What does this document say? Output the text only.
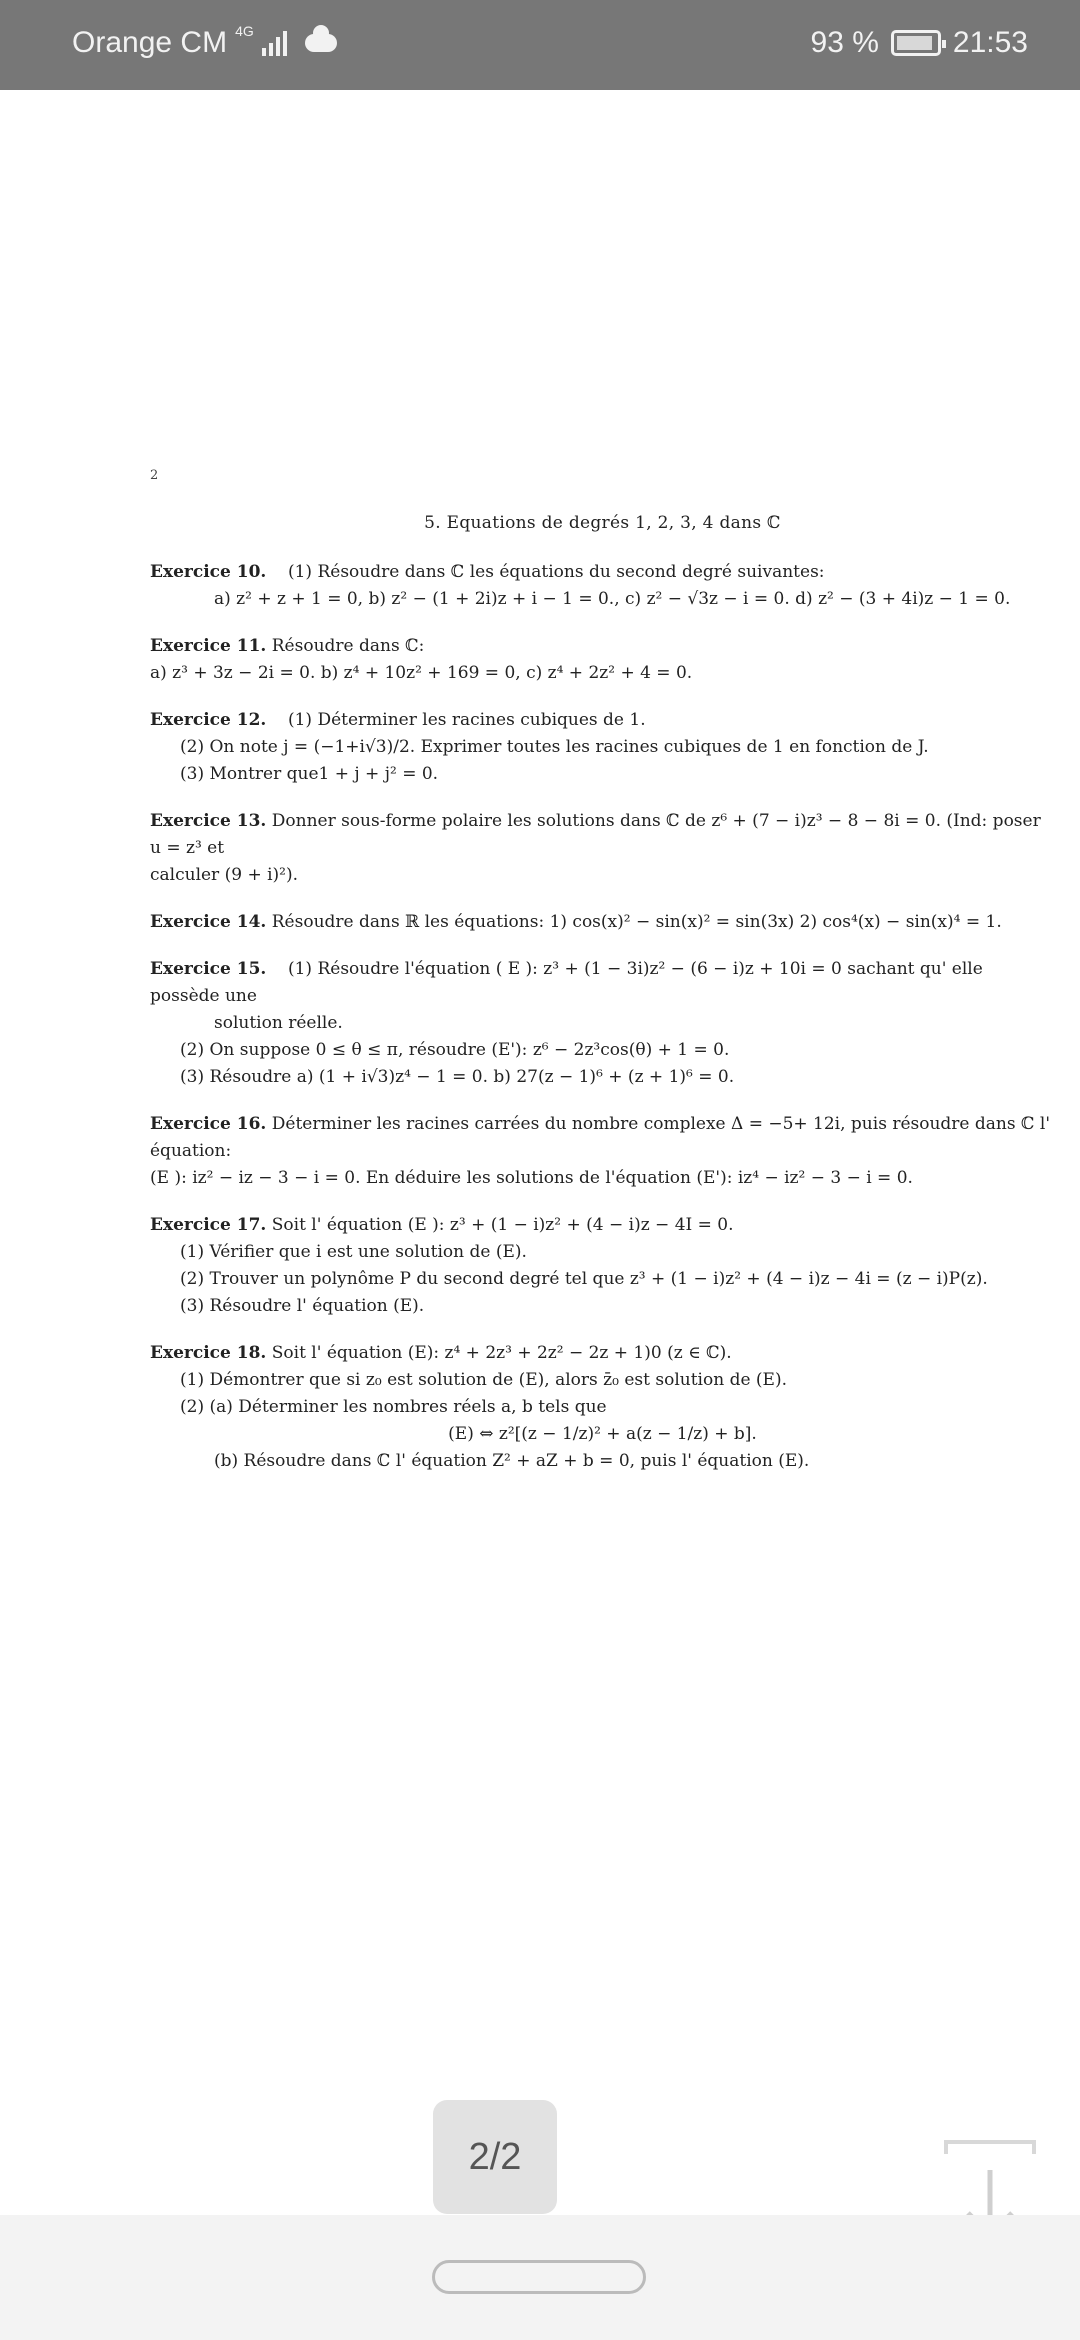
Orange CM 4G	93 % 21:53
2
5. Equations de degrés 1, 2, 3, 4 dans ℂ
Exercice 10. (1) Résoudre dans ℂ les équations du second degré suivantes:
a) z² + z + 1 = 0, b) z² − (1 + 2i)z + i − 1 = 0., c) z² − √3z − i = 0. d) z² − (3 + 4i)z − 1 = 0.
Exercice 11. Résoudre dans ℂ:
a) z³ + 3z − 2i = 0. b) z⁴ + 10z² + 169 = 0, c) z⁴ + 2z² + 4 = 0.
Exercice 12. (1) Déterminer les racines cubiques de 1.
(2) On note j = (−1+i√3)/2. Exprimer toutes les racines cubiques de 1 en fonction de J.
(3) Montrer que1 + j + j² = 0.
Exercice 13. Donner sous-forme polaire les solutions dans ℂ de z⁶ + (7 − i)z³ − 8 − 8i = 0. (Ind: poser u = z³ et
calculer (9 + i)²).
Exercice 14. Résoudre dans ℝ les équations: 1) cos(x)² − sin(x)² = sin(3x) 2) cos⁴(x) − sin(x)⁴ = 1.
Exercice 15. (1) Résoudre l'équation ( E ): z³ + (1 − 3i)z² − (6 − i)z + 10i = 0 sachant qu' elle possède une
solution réelle.
(2) On suppose 0 ≤ θ ≤ π, résoudre (E'): z⁶ − 2z³cos(θ) + 1 = 0.
(3) Résoudre a) (1 + i√3)z⁴ − 1 = 0. b) 27(z − 1)⁶ + (z + 1)⁶ = 0.
Exercice 16. Déterminer les racines carrées du nombre complexe Δ = −5+ 12i, puis résoudre dans ℂ l' équation:
(E ): iz² − iz − 3 − i = 0. En déduire les solutions de l'équation (E'): iz⁴ − iz² − 3 − i = 0.
Exercice 17. Soit l' équation (E ): z³ + (1 − i)z² + (4 − i)z − 4I = 0.
(1) Vérifier que i est une solution de (E).
(2) Trouver un polynôme P du second degré tel que z³ + (1 − i)z² + (4 − i)z − 4i = (z − i)P(z).
(3) Résoudre l' équation (E).
Exercice 18. Soit l' équation (E): z⁴ + 2z³ + 2z² − 2z + 1)0 (z ∈ ℂ).
(1) Démontrer que si z₀ est solution de (E), alors z̄₀ est solution de (E).
(2) (a) Déterminer les nombres réels a, b tels que
(E) ⇔ z²[(z − 1/z)² + a(z − 1/z) + b].
(b) Résoudre dans ℂ l' équation Z² + aZ + b = 0, puis l' équation (E).
2/2
